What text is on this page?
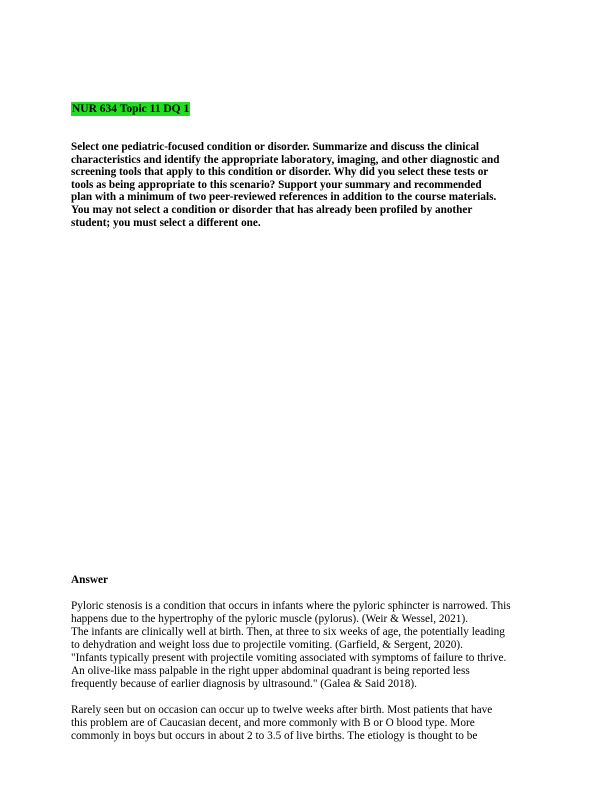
NUR 634 Topic 11 DQ 1
Select one pediatric-focused condition or disorder. Summarize and discuss the clinical
characteristics and identify the appropriate laboratory, imaging, and other diagnostic and
screening tools that apply to this condition or disorder. Why did you select these tests or
tools as being appropriate to this scenario? Support your summary and recommended
plan with a minimum of two peer-reviewed references in addition to the course materials.
You may not select a condition or disorder that has already been profiled by another
student; you must select a different one.
Answer
Pyloric stenosis is a condition that occurs in infants where the pyloric sphincter is narrowed. This
happens due to the hypertrophy of the pyloric muscle (pylorus). (Weir & Wessel, 2021).
The infants are clinically well at birth. Then, at three to six weeks of age, the potentially leading
to dehydration and weight loss due to projectile vomiting. (Garfield, & Sergent, 2020).
"Infants typically present with projectile vomiting associated with symptoms of failure to thrive.
An olive-like mass palpable in the right upper abdominal quadrant is being reported less
frequently because of earlier diagnosis by ultrasound." (Galea & Said 2018).
Rarely seen but on occasion can occur up to twelve weeks after birth. Most patients that have
this problem are of Caucasian decent, and more commonly with B or O blood type. More
commonly in boys but occurs in about 2 to 3.5 of live births. The etiology is thought to be
